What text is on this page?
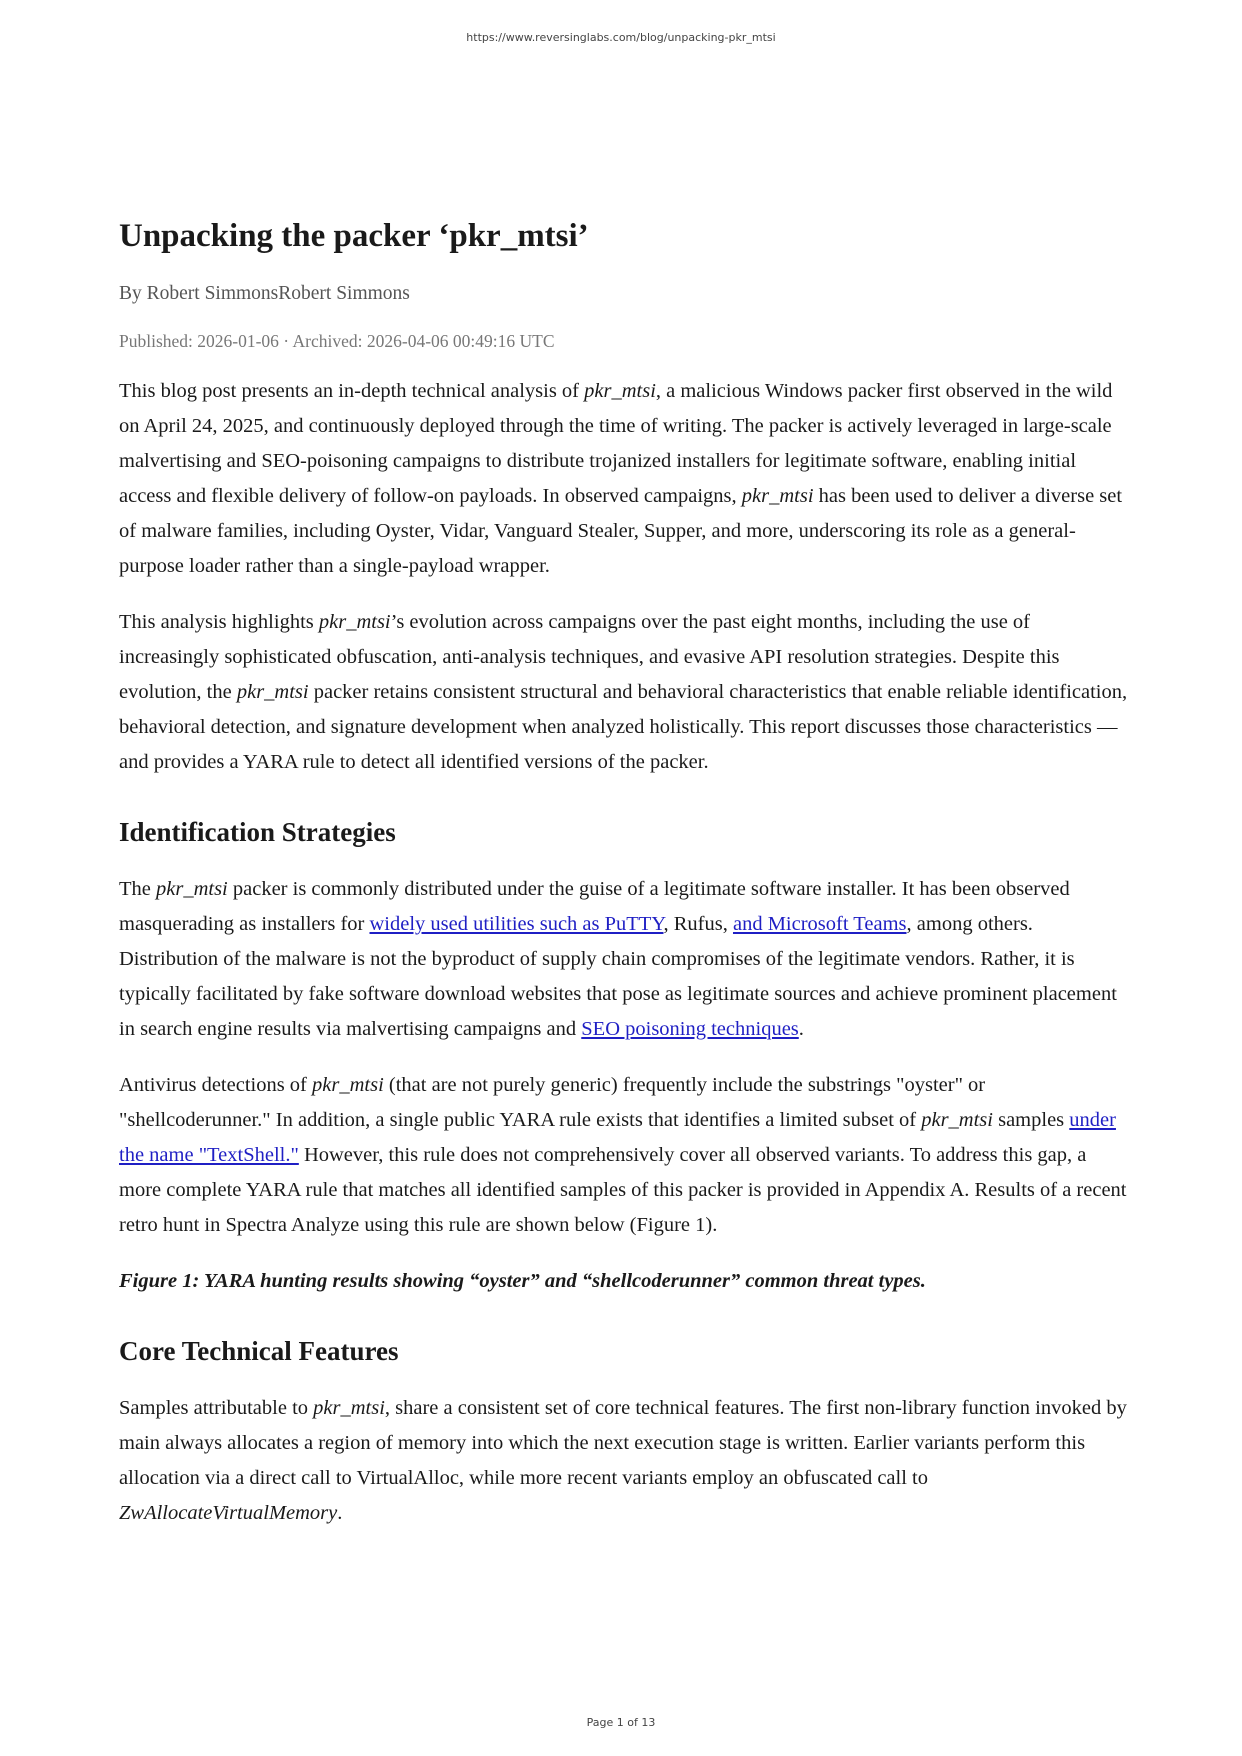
https://www.reversinglabs.com/blog/unpacking-pkr_mtsi
Unpacking the packer ‘pkr_mtsi’
By Robert SimmonsRobert Simmons
Published: 2026-01-06 · Archived: 2026-04-06 00:49:16 UTC

This blog post presents an in-depth technical analysis of pkr_mtsi, a malicious Windows packer first observed in the wild on April 24, 2025, and continuously deployed through the time of writing. The packer is actively leveraged in large-scale malvertising and SEO-poisoning campaigns to distribute trojanized installers for legitimate software, enabling initial access and flexible delivery of follow-on payloads. In observed campaigns, pkr_mtsi has been used to deliver a diverse set of malware families, including Oyster, Vidar, Vanguard Stealer, Supper, and more, underscoring its role as a general-purpose loader rather than a single-payload wrapper.

This analysis highlights pkr_mtsi’s evolution across campaigns over the past eight months, including the use of increasingly sophisticated obfuscation, anti-analysis techniques, and evasive API resolution strategies. Despite this evolution, the pkr_mtsi packer retains consistent structural and behavioral characteristics that enable reliable identification, behavioral detection, and signature development when analyzed holistically. This report discusses those characteristics — and provides a YARA rule to detect all identified versions of the packer.

Identification Strategies

The pkr_mtsi packer is commonly distributed under the guise of a legitimate software installer. It has been observed masquerading as installers for widely used utilities such as PuTTY, Rufus, and Microsoft Teams, among others. Distribution of the malware is not the byproduct of supply chain compromises of the legitimate vendors. Rather, it is typically facilitated by fake software download websites that pose as legitimate sources and achieve prominent placement in search engine results via malvertising campaigns and SEO poisoning techniques.

Antivirus detections of pkr_mtsi (that are not purely generic) frequently include the substrings "oyster" or "shellcoderunner." In addition, a single public YARA rule exists that identifies a limited subset of pkr_mtsi samples under the name "TextShell." However, this rule does not comprehensively cover all observed variants. To address this gap, a more complete YARA rule that matches all identified samples of this packer is provided in Appendix A. Results of a recent retro hunt in Spectra Analyze using this rule are shown below (Figure 1).

Figure 1: YARA hunting results showing “oyster” and “shellcoderunner” common threat types.
Core Technical Features

Samples attributable to pkr_mtsi, share a consistent set of core technical features. The first non-library function invoked by main always allocates a region of memory into which the next execution stage is written. Earlier variants perform this allocation via a direct call to VirtualAlloc, while more recent variants employ an obfuscated call to ZwAllocateVirtualMemory.

Page 1 of 13
